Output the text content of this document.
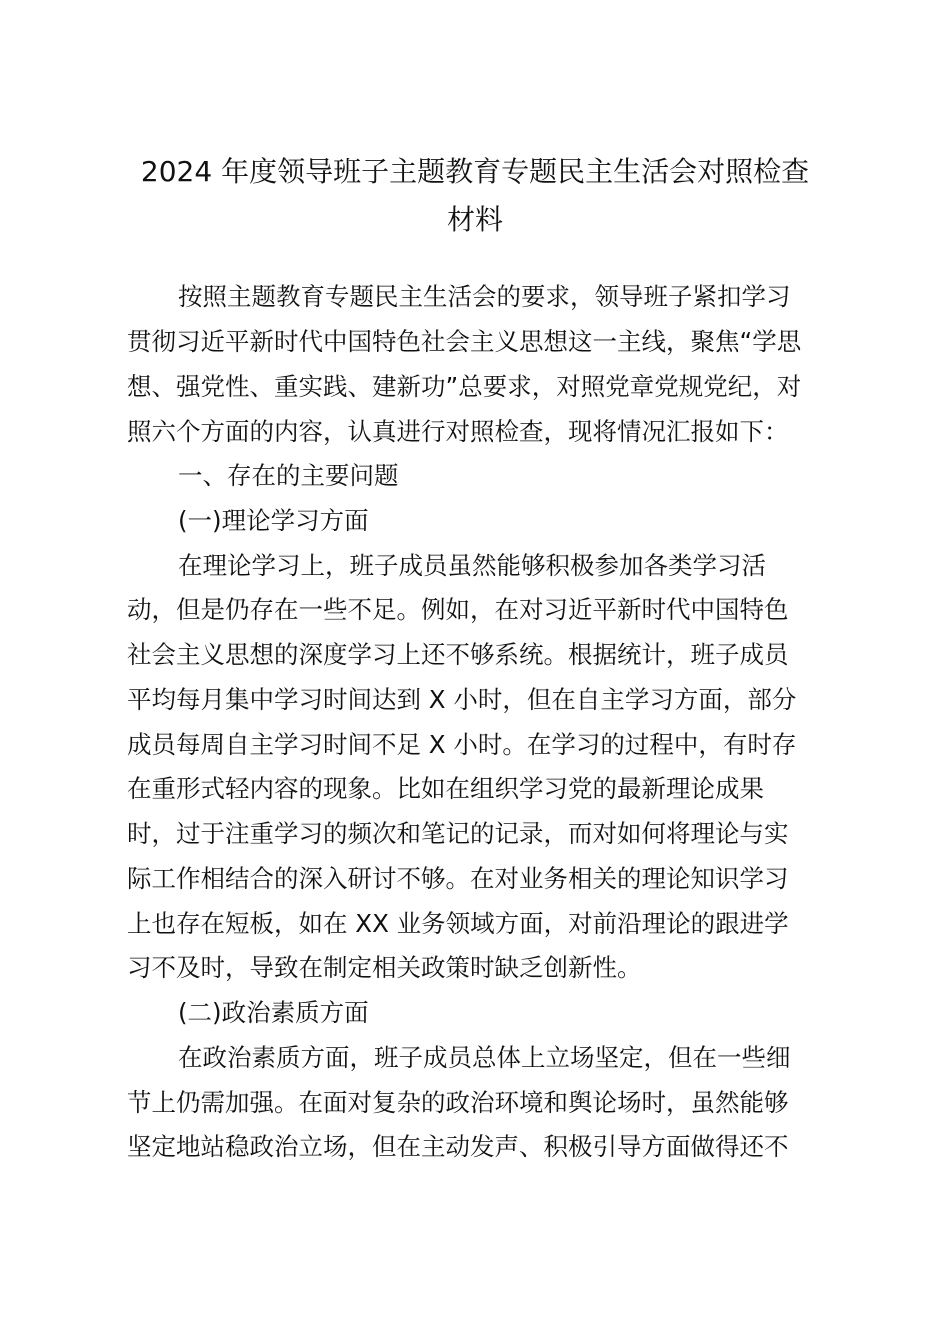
2024 年度领导班子主题教育专题民主生活会对照检查
材料
按照主题教育专题民主生活会的要求，领导班子紧扣学习
贯彻习近平新时代中国特色社会主义思想这一主线，聚焦“学思
想、强党性、重实践、建新功”总要求，对照党章党规党纪，对
照六个方面的内容，认真进行对照检查，现将情况汇报如下：
一、存在的主要问题
(一)理论学习方面
在理论学习上，班子成员虽然能够积极参加各类学习活
动，但是仍存在一些不足。例如，在对习近平新时代中国特色
社会主义思想的深度学习上还不够系统。根据统计，班子成员
平均每月集中学习时间达到 X 小时，但在自主学习方面，部分
成员每周自主学习时间不足 X 小时。在学习的过程中，有时存
在重形式轻内容的现象。比如在组织学习党的最新理论成果
时，过于注重学习的频次和笔记的记录，而对如何将理论与实
际工作相结合的深入研讨不够。在对业务相关的理论知识学习
上也存在短板，如在 XX 业务领域方面，对前沿理论的跟进学
习不及时，导致在制定相关政策时缺乏创新性。
(二)政治素质方面
在政治素质方面，班子成员总体上立场坚定，但在一些细
节上仍需加强。在面对复杂的政治环境和舆论场时，虽然能够
坚定地站稳政治立场，但在主动发声、积极引导方面做得还不
